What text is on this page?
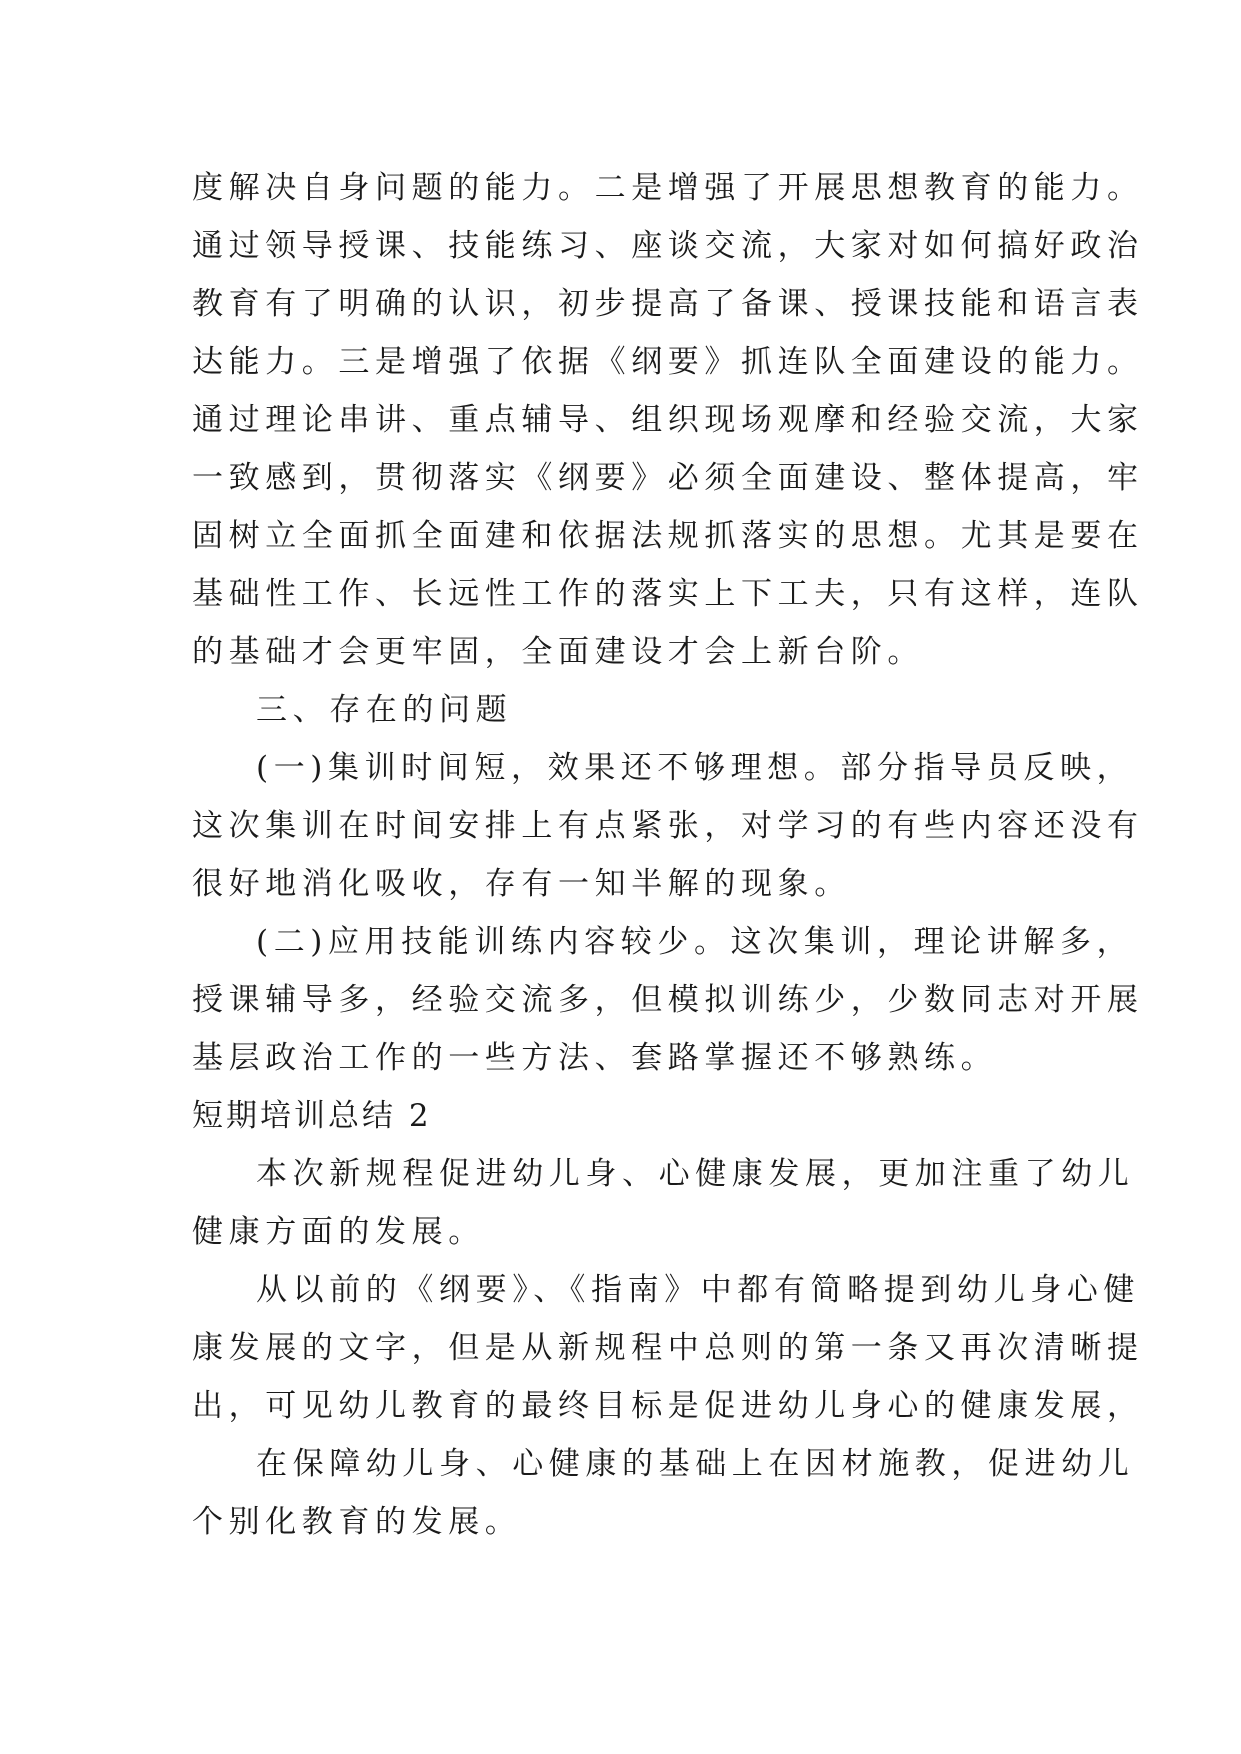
度解决自身问题的能力。二是增强了开展思想教育的能力。
通过领导授课、技能练习、座谈交流，大家对如何搞好政治
教育有了明确的认识，初步提高了备课、授课技能和语言表
达能力。三是增强了依据《纲要》抓连队全面建设的能力。
通过理论串讲、重点辅导、组织现场观摩和经验交流，大家
一致感到，贯彻落实《纲要》必须全面建设、整体提高，牢
固树立全面抓全面建和依据法规抓落实的思想。尤其是要在
基础性工作、长远性工作的落实上下工夫，只有这样，连队
的基础才会更牢固，全面建设才会上新台阶。
三、存在的问题
(一)集训时间短，效果还不够理想。部分指导员反映，
这次集训在时间安排上有点紧张，对学习的有些内容还没有
很好地消化吸收，存有一知半解的现象。
(二)应用技能训练内容较少。这次集训，理论讲解多，
授课辅导多，经验交流多，但模拟训练少，少数同志对开展
基层政治工作的一些方法、套路掌握还不够熟练。
短期培训总结 2
本次新规程促进幼儿身、心健康发展，更加注重了幼儿
健康方面的发展。
从以前的《纲要》、《指南》中都有简略提到幼儿身心健
康发展的文字，但是从新规程中总则的第一条又再次清晰提
出，可见幼儿教育的最终目标是促进幼儿身心的健康发展，
在保障幼儿身、心健康的基础上在因材施教，促进幼儿
个别化教育的发展。
